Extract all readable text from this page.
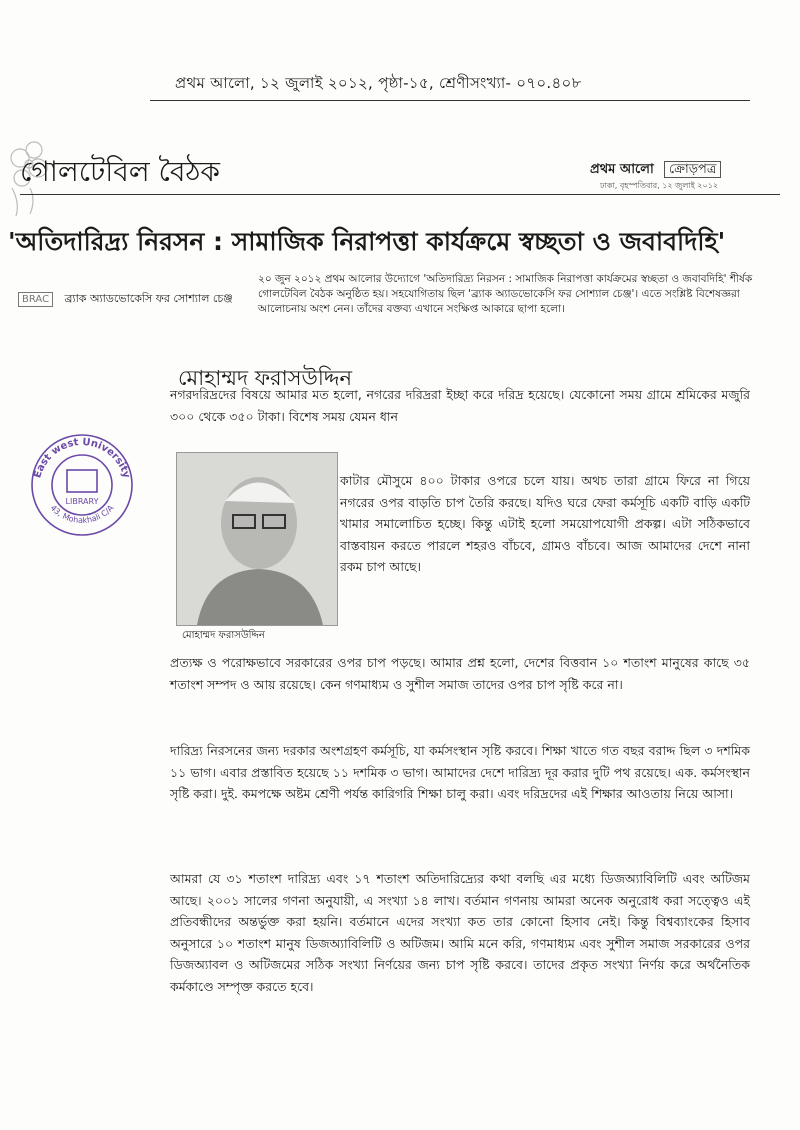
প্রথম আলো, ১২ জুলাই ২০১২, পৃষ্ঠা-১৫, শ্রেণীসংখ্যা- ০৭০.৪০৮
গোলটেবিল বৈঠক	প্রথম আলো ক্রোড়পত্র
ঢাকা, বৃহস্পতিবার, ১২ জুলাই ২০১২
'অতিদারিদ্র্য নিরসন : সামাজিক নিরাপত্তা কার্যক্রমে স্বচ্ছতা ও জবাবদিহি'
BRAC ব্র্যাক অ্যাডভোকেসি ফর সোশ্যাল চেঞ্জ
২০ জুন ২০১২ প্রথম আলোর উদ্যোগে 'অতিদারিদ্র্য নিরসন : সামাজিক নিরাপত্তা কার্যক্রমের স্বচ্ছতা ও জবাবদিহি' শীর্ষক গোলটেবিল বৈঠক অনুষ্ঠিত হয়। সহযোগিতায় ছিল 'ব্র্যাক অ্যাডভোকেসি ফর সোশ্যাল চেঞ্জ'। এতে সংশ্লিষ্ট বিশেষজ্ঞরা আলোচনায় অংশ নেন। তাঁদের বক্তব্য এখানে সংক্ষিপ্ত আকারে ছাপা হলো।
মোহাম্মদ ফরাসউদ্দিন
East west University
LIBRARY
43, Mohakhali C/A
মোহাম্মদ ফরাসউদ্দিন
নগরদরিদ্রদের বিষয়ে আমার মত হলো, নগরের দরিদ্ররা ইচ্ছা করে দরিদ্র হয়েছে। যেকোনো সময় গ্রামে শ্রমিকের মজুরি ৩০০ থেকে ৩৫০ টাকা। বিশেষ সময় যেমন ধান
কাটার মৌসুমে ৪০০ টাকার ওপরে চলে যায়। অথচ তারা গ্রামে ফিরে না গিয়ে নগরের ওপর বাড়তি চাপ তৈরি করছে। যদিও ঘরে ফেরা কর্মসূচি একটি বাড়ি একটি খামার সমালোচিত হচ্ছে। কিন্তু এটাই হলো সময়োপযোগী প্রকল্প। এটা সঠিকভাবে বাস্তবায়ন করতে পারলে শহরও বাঁচবে, গ্রামও বাঁচবে। আজ আমাদের দেশে নানা রকম চাপ আছে।
প্রত্যক্ষ ও পরোক্ষভাবে সরকারের ওপর চাপ পড়ছে। আমার প্রশ্ন হলো, দেশের বিত্তবান ১০ শতাংশ মানুষের কাছে ৩৫ শতাংশ সম্পদ ও আয় রয়েছে। কেন গণমাধ্যম ও সুশীল সমাজ তাদের ওপর চাপ সৃষ্টি করে না।
দারিদ্র্য নিরসনের জন্য দরকার অংশগ্রহণ কর্মসূচি, যা কর্মসংস্থান সৃষ্টি করবে। শিক্ষা খাতে গত বছর বরাদ্দ ছিল ৩ দশমিক ১১ ভাগ। এবার প্রস্তাবিত হয়েছে ১১ দশমিক ৩ ভাগ। আমাদের দেশে দারিদ্র্য দূর করার দুটি পথ রয়েছে। এক. কর্মসংস্থান সৃষ্টি করা। দুই. কমপক্ষে অষ্টম শ্রেণী পর্যন্ত কারিগরি শিক্ষা চালু করা। এবং দরিদ্রদের এই শিক্ষার আওতায় নিয়ে আসা।
আমরা যে ৩১ শতাংশ দারিদ্র্য এবং ১৭ শতাংশ অতিদারিদ্র্যের কথা বলছি এর মধ্যে ডিজঅ্যাবিলিটি এবং অটিজম আছে। ২০০১ সালের গণনা অনুযায়ী, এ সংখ্যা ১৪ লাখ। বর্তমান গণনায় আমরা অনেক অনুরোধ করা সত্ত্বেও এই প্রতিবন্ধীদের অন্তর্ভুক্ত করা হয়নি। বর্তমানে এদের সংখ্যা কত তার কোনো হিসাব নেই। কিন্তু বিশ্বব্যাংকের হিসাব অনুসারে ১০ শতাংশ মানুষ ডিজঅ্যাবিলিটি ও অটিজম। আমি মনে করি, গণমাধ্যম এবং সুশীল সমাজ সরকারের ওপর ডিজঅ্যাবল ও অটিজমের সঠিক সংখ্যা নির্ণয়ের জন্য চাপ সৃষ্টি করবে। তাদের প্রকৃত সংখ্যা নির্ণয় করে অর্থনৈতিক কর্মকাণ্ডে সম্পৃক্ত করতে হবে।
